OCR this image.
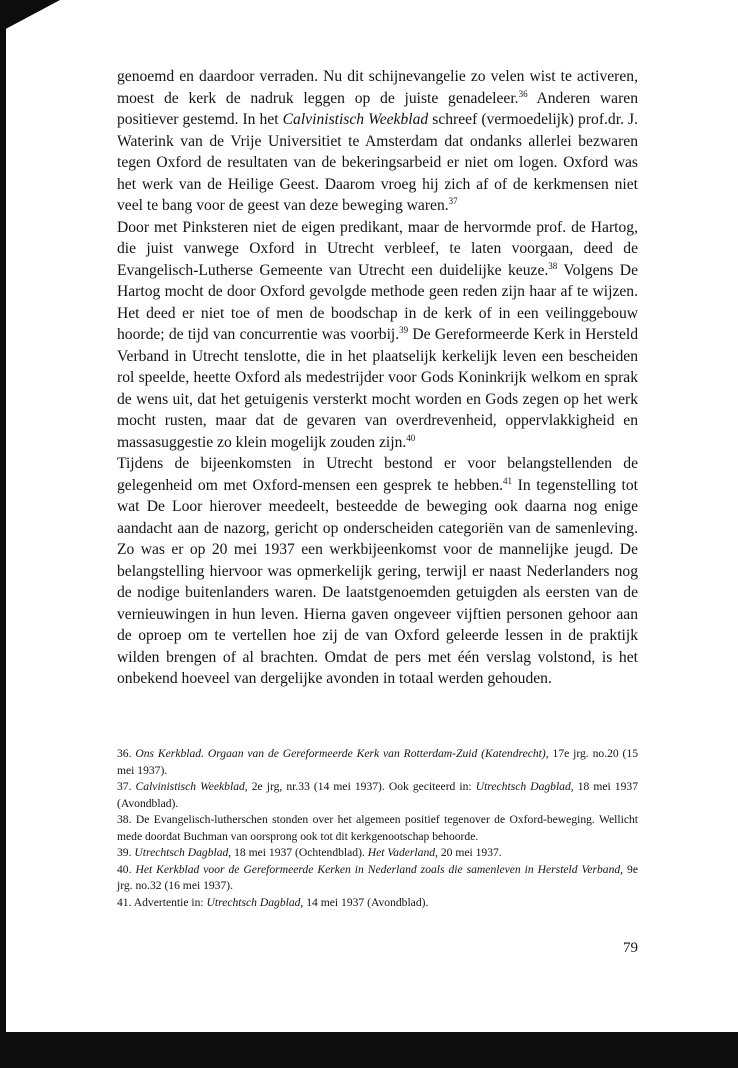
genoemd en daardoor verraden. Nu dit schijnevangelie zo velen wist te activeren, moest de kerk de nadruk leggen op de juiste genadeleer.$^{36}$ Anderen waren positiever gestemd. In het Calvinistisch Weekblad schreef (vermoedelijk) prof.dr. J. Waterink van de Vrije Universitiet te Amsterdam dat ondanks allerlei bezwaren tegen Oxford de resultaten van de bekeringsarbeid er niet om logen. Oxford was het werk van de Heilige Geest. Daarom vroeg hij zich af of de kerkmensen niet veel te bang voor de geest van deze beweging waren.$^{37}$

Door met Pinksteren niet de eigen predikant, maar de hervormde prof. de Hartog, die juist vanwege Oxford in Utrecht verbleef, te laten voorgaan, deed de Evangelisch-Lutherse Gemeente van Utrecht een duidelijke keuze.$^{38}$ Volgens De Hartog mocht de door Oxford gevolgde methode geen reden zijn haar af te wijzen. Het deed er niet toe of men de boodschap in de kerk of in een veilinggebouw hoorde; de tijd van concurrentie was voorbij.$^{39}$ De Gereformeerde Kerk in Hersteld Verband in Utrecht tenslotte, die in het plaatselijk kerkelijk leven een bescheiden rol speelde, heette Oxford als medestrijder voor Gods Koninkrijk welkom en sprak de wens uit, dat het getuigenis versterkt mocht worden en Gods zegen op het werk mocht rusten, maar dat de gevaren van overdrevenheid, oppervlakkigheid en massasuggestie zo klein mogelijk zouden zijn.$^{40}$

Tijdens de bijeenkomsten in Utrecht bestond er voor belangstellenden de gelegenheid om met Oxford-mensen een gesprek te hebben.$^{41}$ In tegenstelling tot wat De Loor hierover meedeelt, besteedde de beweging ook daarna nog enige aandacht aan de nazorg, gericht op onderscheiden categoriën van de samenleving. Zo was er op 20 mei 1937 een werkbijeenkomst voor de mannelijke jeugd. De belangstelling hiervoor was opmerkelijk gering, terwijl er naast Nederlanders nog de nodige buitenlanders waren. De laatstgenoemden getuigden als eersten van de vernieuwingen in hun leven. Hierna gaven ongeveer vijftien personen gehoor aan de oproep om te vertellen hoe zij de van Oxford geleerde lessen in de praktijk wilden brengen of al brachten. Omdat de pers met één verslag volstond, is het onbekend hoeveel van dergelijke avonden in totaal werden gehouden.

36. Ons Kerkblad. Orgaan van de Gereformeerde Kerk van Rotterdam-Zuid (Katendrecht), 17e jrg. no.20 (15 mei 1937).

37. Calvinistisch Weekblad, 2e jrg, nr.33 (14 mei 1937). Ook geciteerd in: Utrechtsch Dagblad, 18 mei 1937 (Avondblad).

38. De Evangelisch-lutherschen stonden over het algemeen positief tegenover de Oxford-beweging. Wellicht mede doordat Buchman van oorsprong ook tot dit kerkgenootschap behoorde.

39. Utrechtsch Dagblad, 18 mei 1937 (Ochtendblad). Het Vaderland, 20 mei 1937.

40. Het Kerkblad voor de Gereformeerde Kerken in Nederland zoals die samenleven in Hersteld Verband, 9e jrg. no.32 (16 mei 1937).

41. Advertentie in: Utrechtsch Dagblad, 14 mei 1937 (Avondblad).

79
